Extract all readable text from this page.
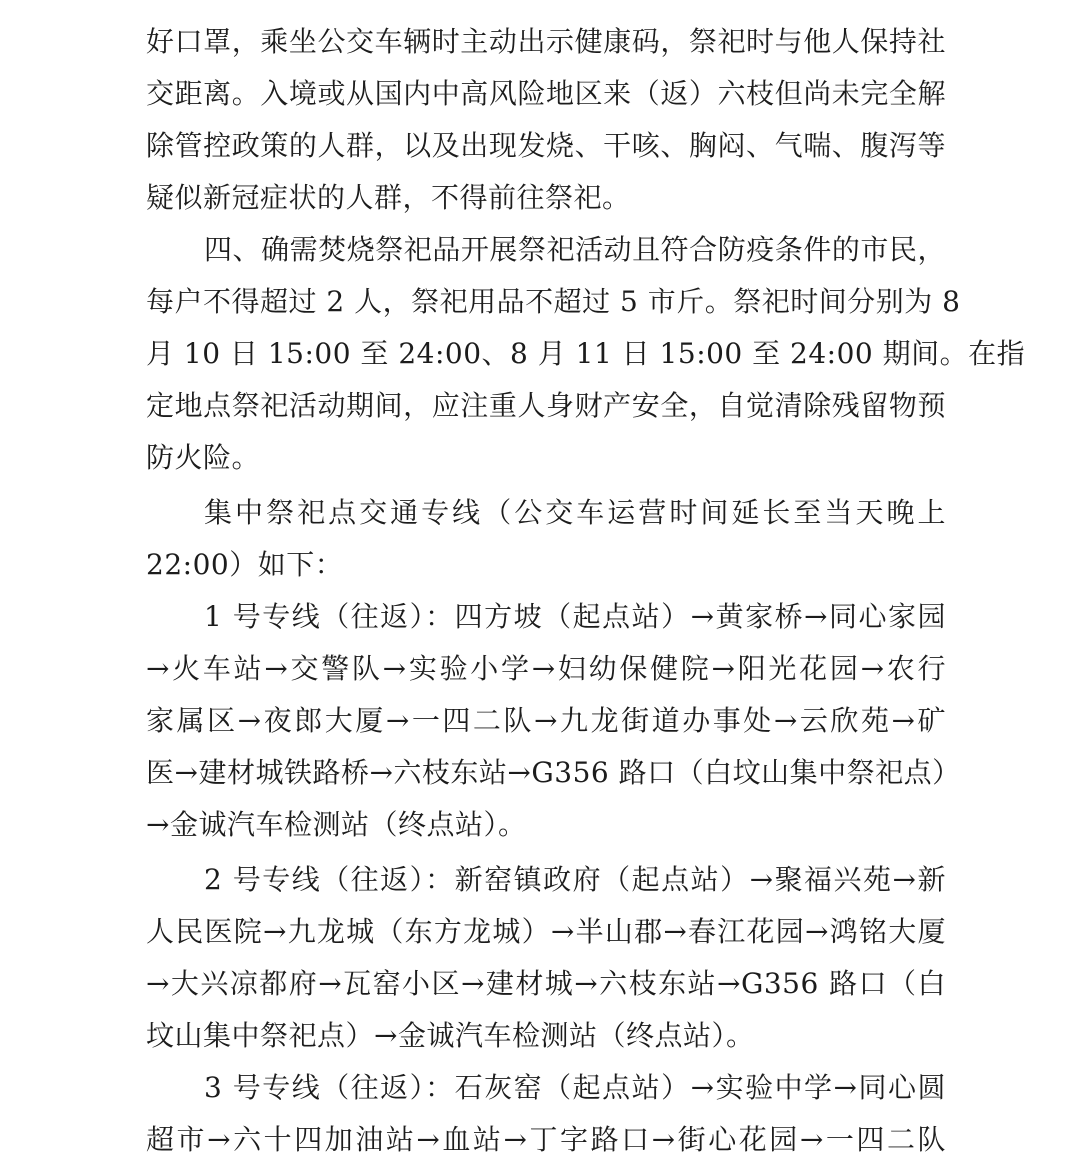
好口罩，乘坐公交车辆时主动出示健康码，祭祀时与他人保持社
交距离。入境或从国内中高风险地区来（返）六枝但尚未完全解
除管控政策的人群，以及出现发烧、干咳、胸闷、气喘、腹泻等
疑似新冠症状的人群，不得前往祭祀。
四、确需焚烧祭祀品开展祭祀活动且符合防疫条件的市民，
每户不得超过 2 人，祭祀用品不超过 5 市斤。祭祀时间分别为 8
月 10 日 15:00 至 24:00、8 月 11 日 15:00 至 24:00 期间。在指
定地点祭祀活动期间，应注重人身财产安全，自觉清除残留物预
防火险。
集中祭祀点交通专线（公交车运营时间延长至当天晚上
22:00）如下：
1 号专线（往返）：四方坡（起点站）→黄家桥→同心家园
→火车站→交警队→实验小学→妇幼保健院→阳光花园→农行
家属区→夜郎大厦→一四二队→九龙街道办事处→云欣苑→矿
医→建材城铁路桥→六枝东站→G356 路口（白坟山集中祭祀点）
→金诚汽车检测站（终点站）。
2 号专线（往返）：新窑镇政府（起点站）→聚福兴苑→新
人民医院→九龙城（东方龙城）→半山郡→春江花园→鸿铭大厦
→大兴凉都府→瓦窑小区→建材城→六枝东站→G356 路口（白
坟山集中祭祀点）→金诚汽车检测站（终点站）。
3 号专线（往返）：石灰窑（起点站）→实验中学→同心圆
超市→六十四加油站→血站→丁字路口→街心花园→一四二队
